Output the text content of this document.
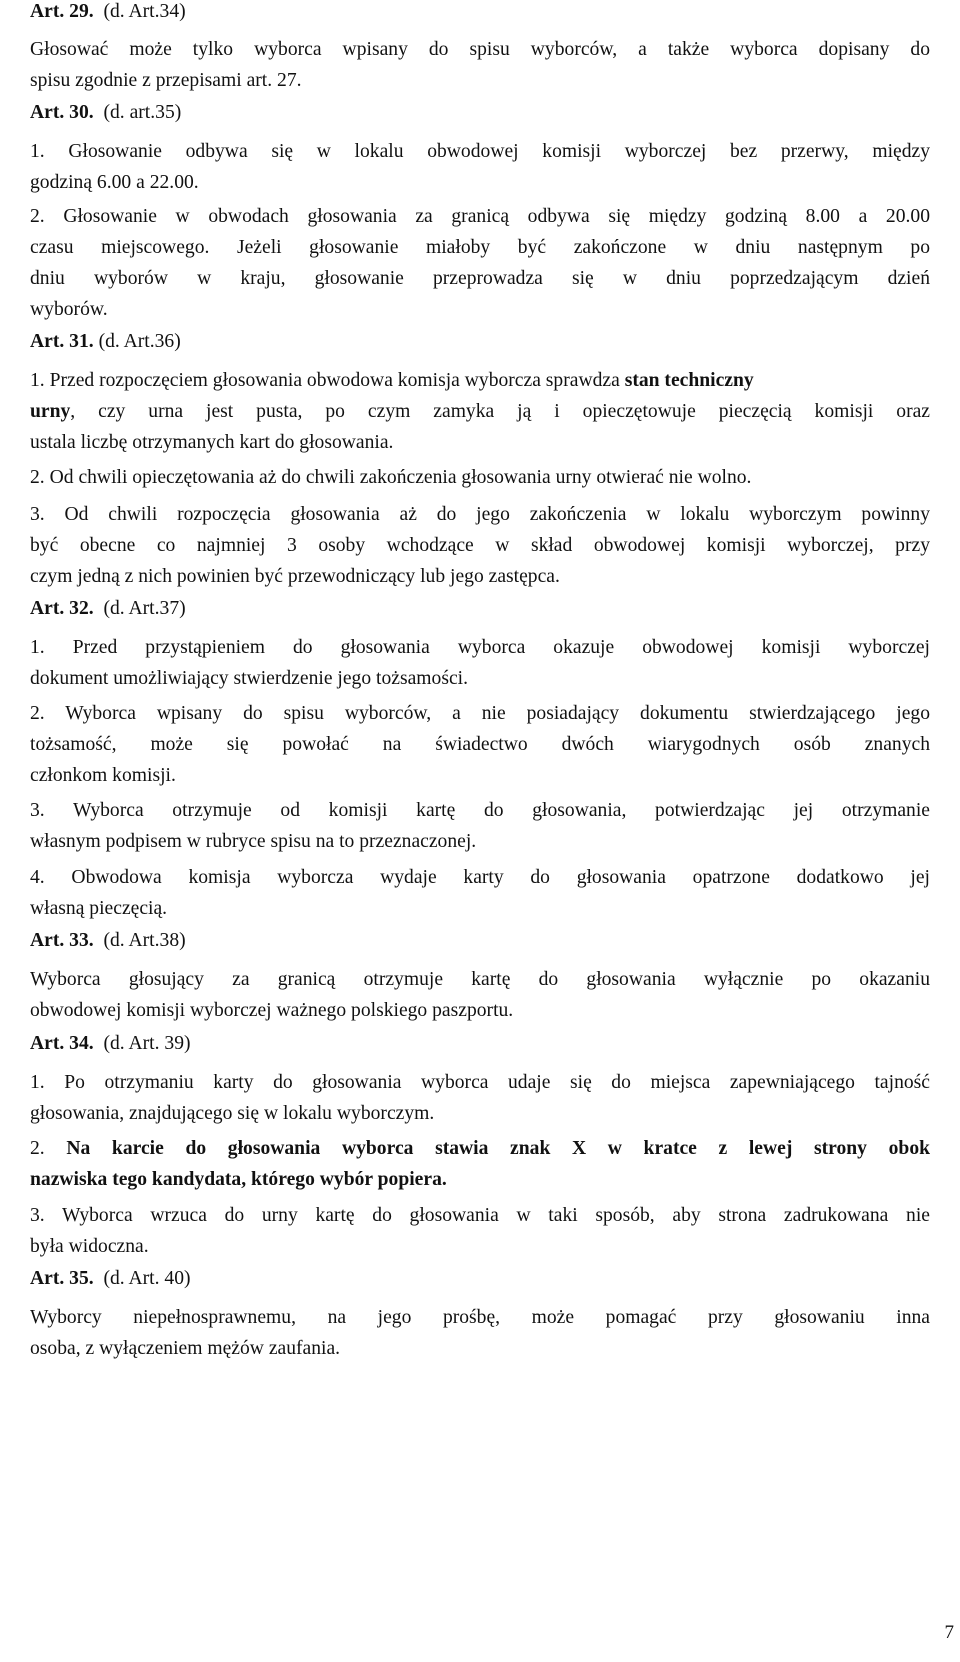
Art. 29. (d. Art.34)
Głosować może tylko wyborca wpisany do spisu wyborców, a także wyborca dopisany do
spisu zgodnie z przepisami art. 27.
Art. 30. (d. art.35)
1. Głosowanie odbywa się w lokalu obwodowej komisji wyborczej bez przerwy, między
godziną 6.00 a 22.00.
2. Głosowanie w obwodach głosowania za granicą odbywa się między godziną 8.00 a 20.00
czasu miejscowego. Jeżeli głosowanie miałoby być zakończone w dniu następnym po
dniu wyborów w kraju, głosowanie przeprowadza się w dniu poprzedzającym dzień
wyborów.
Art. 31. (d. Art.36)
1. Przed rozpoczęciem głosowania obwodowa komisja wyborcza sprawdza stan techniczny
urny, czy urna jest pusta, po czym zamyka ją i opieczętowuje pieczęcią komisji oraz
ustala liczbę otrzymanych kart do głosowania.
2. Od chwili opieczętowania aż do chwili zakończenia głosowania urny otwierać nie wolno.
3. Od chwili rozpoczęcia głosowania aż do jego zakończenia w lokalu wyborczym powinny
być obecne co najmniej 3 osoby wchodzące w skład obwodowej komisji wyborczej, przy
czym jedną z nich powinien być przewodniczący lub jego zastępca.
Art. 32. (d. Art.37)
1. Przed przystąpieniem do głosowania wyborca okazuje obwodowej komisji wyborczej
dokument umożliwiający stwierdzenie jego tożsamości.
2. Wyborca wpisany do spisu wyborców, a nie posiadający dokumentu stwierdzającego jego
tożsamość, może się powołać na świadectwo dwóch wiarygodnych osób znanych
członkom komisji.
3. Wyborca otrzymuje od komisji kartę do głosowania, potwierdzając jej otrzymanie
własnym podpisem w rubryce spisu na to przeznaczonej.
4. Obwodowa komisja wyborcza wydaje karty do głosowania opatrzone dodatkowo jej
własną pieczęcią.
Art. 33. (d. Art.38)
Wyborca głosujący za granicą otrzymuje kartę do głosowania wyłącznie po okazaniu
obwodowej komisji wyborczej ważnego polskiego paszportu.
Art. 34. (d. Art. 39)
1. Po otrzymaniu karty do głosowania wyborca udaje się do miejsca zapewniającego tajność
głosowania, znajdującego się w lokalu wyborczym.
2. Na karcie do głosowania wyborca stawia znak X w kratce z lewej strony obok
nazwiska tego kandydata, którego wybór popiera.
3. Wyborca wrzuca do urny kartę do głosowania w taki sposób, aby strona zadrukowana nie
była widoczna.
Art. 35. (d. Art. 40)
Wyborcy niepełnosprawnemu, na jego prośbę, może pomagać przy głosowaniu inna
osoba, z wyłączeniem mężów zaufania.
7
